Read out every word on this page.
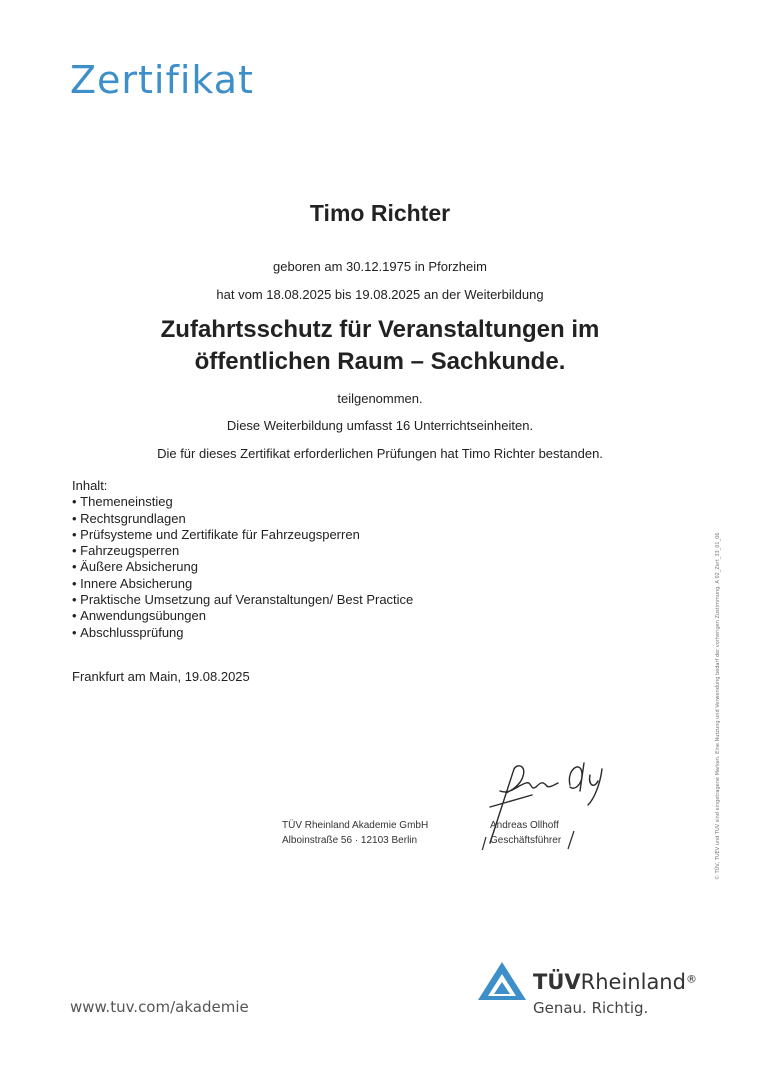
Zertifikat
Timo Richter
geboren am 30.12.1975 in Pforzheim
hat vom 18.08.2025 bis 19.08.2025 an der Weiterbildung
Zufahrtsschutz für Veranstaltungen im
öffentlichen Raum – Sachkunde.
teilgenommen.
Diese Weiterbildung umfasst 16 Unterrichtseinheiten.
Die für dieses Zertifikat erforderlichen Prüfungen hat Timo Richter bestanden.
Inhalt:
• Themeneinstieg
• Rechtsgrundlagen
• Prüfsysteme und Zertifikate für Fahrzeugsperren
• Fahrzeugsperren
• Äußere Absicherung
• Innere Absicherung
• Praktische Umsetzung auf Veranstaltungen/ Best Practice
• Anwendungsübungen
• Abschlussprüfung
Frankfurt am Main, 19.08.2025
TÜV Rheinland Akademie GmbH
Alboinstraße 56 · 12103 Berlin
Andreas Ollhoff
Geschäftsführer	© TÜV, TUEV und TUV sind eingetragene Marken. Eine Nutzung und Verwendung bedarf der vorherigen Zustimmung. A 02_Zert_33_01_06
www.tuv.com/akademie
TÜVRheinland®
Genau. Richtig.
